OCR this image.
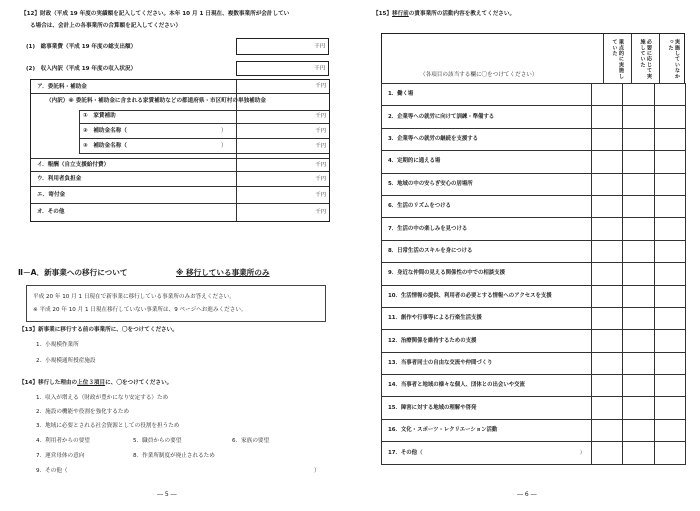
【12】財政（平成 19 年度の実績額を記入してください。本年 10 月 1 日現在、複数事業所が会計してい
る場合は、会計上の各事業所の合算額を記入してください）
(1)　総事業費（平成 19 年度の総支出額）	千円
(2)　収入内訳（平成 19 年度の収入状況）	千円
ア．委託料・補助金	千円
（内訳）※ 委託料・補助金に含まれる家賃補助などの都道府県・市区町村の単独補助金
①　家賃補助	千円
②　補助金名称（	）	千円
③　補助金名称（	）	千円
イ．報酬（自立支援給付費）	千円
ウ．利用者負担金	千円
エ．寄付金	千円
オ．その他	千円
Ⅱ－A．新事業への移行について	※ 移行している事業所のみ
平成 20 年 10 月 1 日現在で新事業に移行している事業所のみお答えください。
※ 平成 20 年 10 月 1 日現在移行していない事業所は、9 ページへお進みください。
【13】新事業に移行する前の事業所に、〇をつけてください。
1．小規模作業所
2．小規模通所授産施設
【14】移行した理由の上位３項目に、〇をつけてください。
1．収入が増える（財政が豊かになり安定する）ため
2．施設の機能や役割を強化するため
3．地域に必要とされる社会資源としての役割を担うため
4．利用者からの要望	5．職員からの要望	6．家族の要望
7．運営母体の意向	8．作業所制度が廃止されるため
9．その他（	）
― 5 ―
【15】移行前の貴事業所の活動内容を教えてください。
（各項目の該当する欄に〇をつけてください）	重点的に実施していた	必要に応じて実施していた	実施していなかった
1．働く場			
2．企業等への就労に向けて訓練・準備する			
3．企業等への就労の継続を支援する			
4．定期的に通える場			
5．地域の中の安らぎ安心の居場所			
6．生活のリズムをつける			
7．生活の中の楽しみを見つける			
8．日常生活のスキルを身につける			
9．身近な仲間の見える関係性の中での相談支援			
10．生活情報の提供、利用者の必要とする情報へのアクセスを支援			
11．創作や行事等による行楽生活支援			
12．治療関係を維持するための支援			
13．当事者同士の自由な交流や仲間づくり			
14．当事者と地域の様々な個人、団体との出会いや交流			
15．障害に対する地域の理解や啓発			
16．文化・スポーツ・レクリエーション活動			
17．その他（ ）			

― 6 ―
